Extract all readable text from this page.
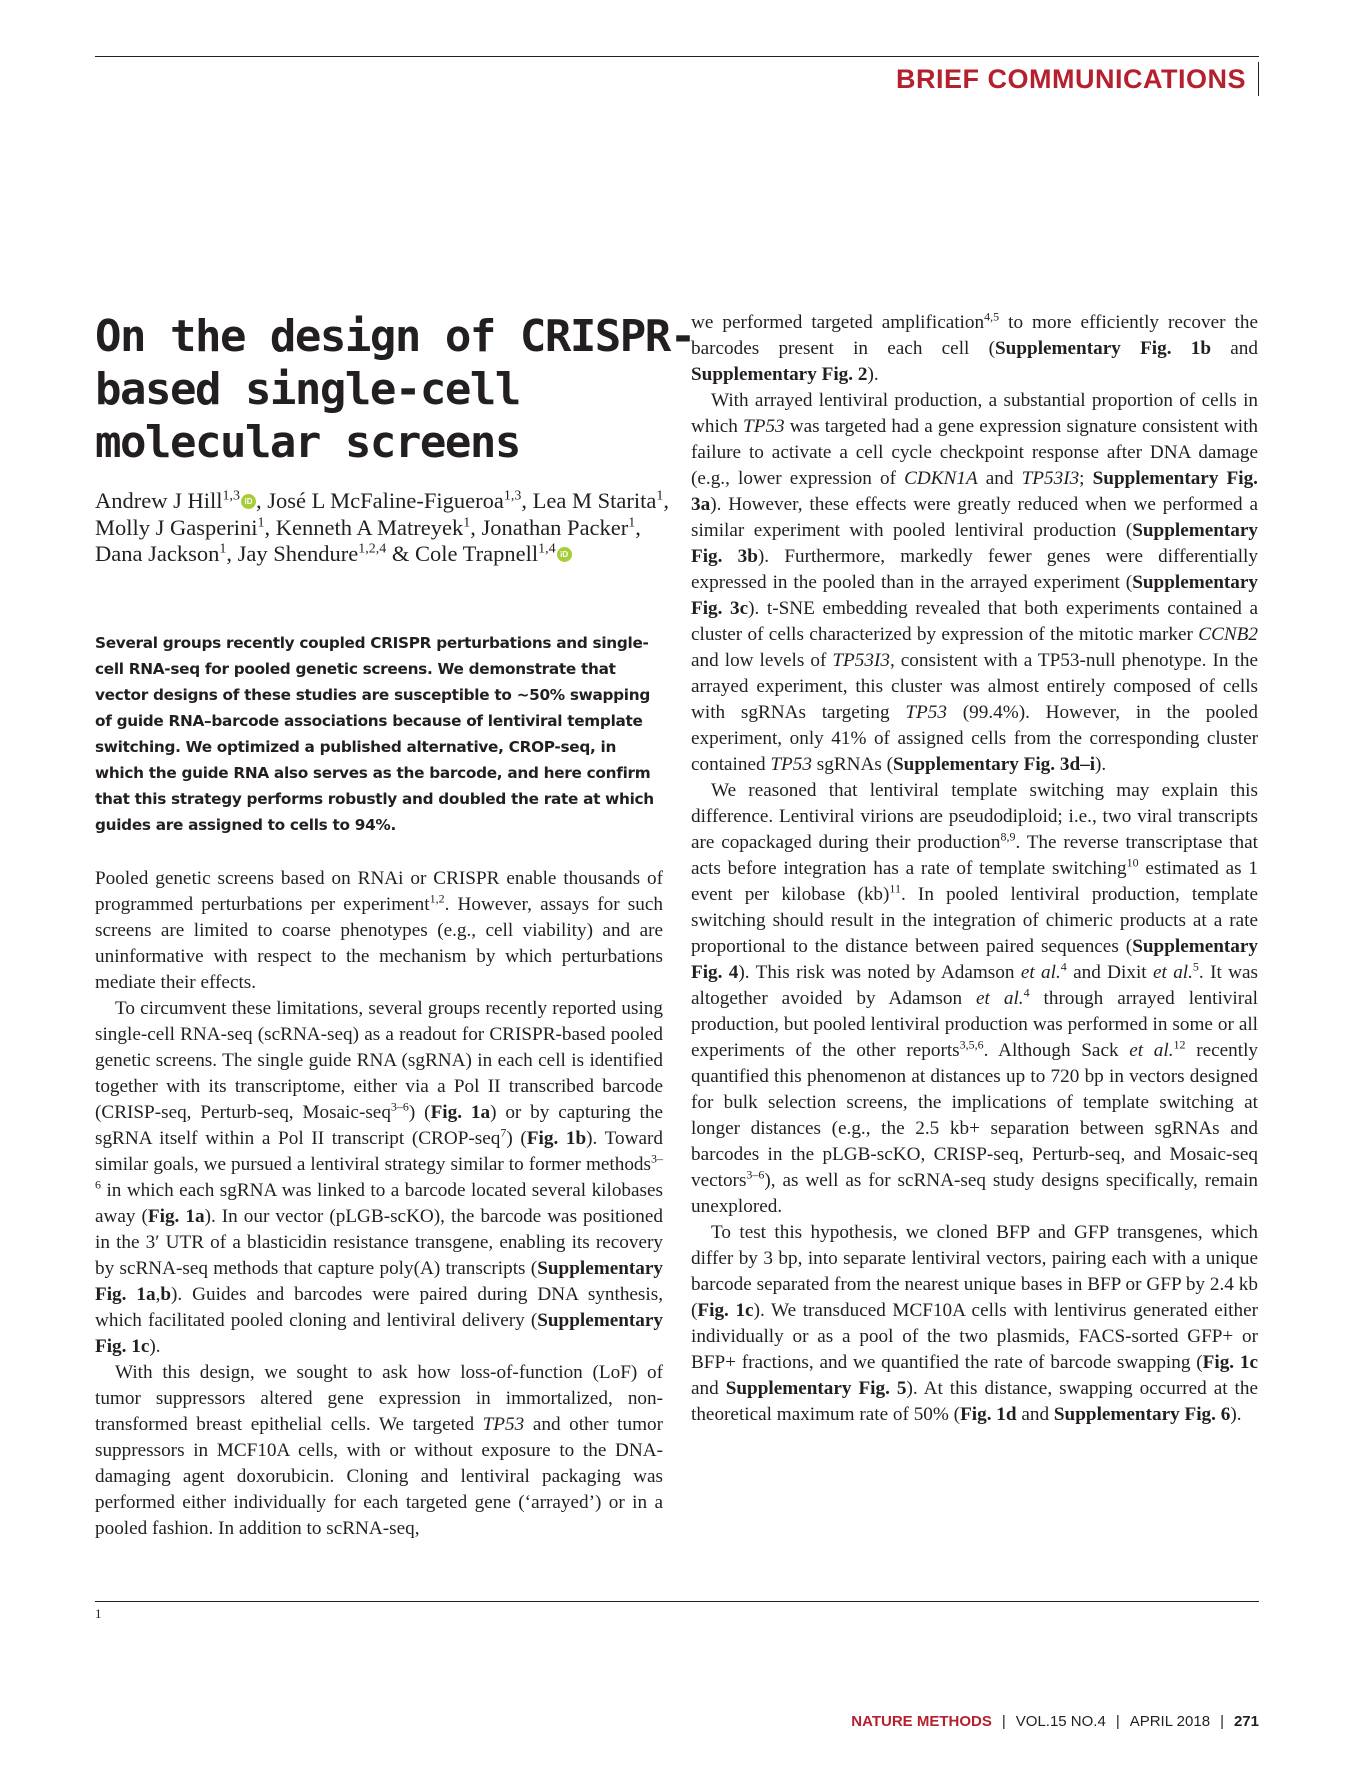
BRIEF COMMUNICATIONS
On the design of CRISPR-based single-cell molecular screens
Andrew J Hill$^{1,3}$ iD , José L McFaline-Figueroa$^{1,3}$, Lea M Starita$^1$, Molly J Gasperini$^1$, Kenneth A Matreyek$^1$, Jonathan Packer$^1$, Dana Jackson$^1$, Jay Shendure$^{1,2,4}$ & Cole Trapnell$^{1,4}$ iD

Several groups recently coupled CRISPR perturbations and single-cell RNA-seq for pooled genetic screens. We demonstrate that vector designs of these studies are susceptible to ~50% swapping of guide RNA–barcode associations because of lentiviral template switching. We optimized a published alternative, CROP-seq, in which the guide RNA also serves as the barcode, and here confirm that this strategy performs robustly and doubled the rate at which guides are assigned to cells to 94%.

Pooled genetic screens based on RNAi or CRISPR enable thousands of programmed perturbations per experiment$^{1,2}$. However, assays for such screens are limited to coarse phenotypes (e.g., cell viability) and are uninformative with respect to the mechanism by which perturbations mediate their effects.

To circumvent these limitations, several groups recently reported using single-cell RNA-seq (scRNA-seq) as a readout for CRISPR-based pooled genetic screens. The single guide RNA (sgRNA) in each cell is identified together with its transcriptome, either via a Pol II transcribed barcode (CRISP-seq, Perturb-seq, Mosaic-seq$^{3-6}$) (Fig. 1a) or by capturing the sgRNA itself within a Pol II transcript (CROP-seq$^7$) (Fig. 1b). Toward similar goals, we pursued a lentiviral strategy similar to former methods$^{3-6}$ in which each sgRNA was linked to a barcode located several kilobases away (Fig. 1a). In our vector (pLGB-scKO), the barcode was positioned in the 3′ UTR of a blasticidin resistance transgene, enabling its recovery by scRNA-seq methods that capture poly(A) transcripts (Supplementary Fig. 1a,b). Guides and barcodes were paired during DNA synthesis, which facilitated pooled cloning and lentiviral delivery (Supplementary Fig. 1c).

With this design, we sought to ask how loss-of-function (LoF) of tumor suppressors altered gene expression in immortalized, non-transformed breast epithelial cells. We targeted TP53 and other tumor suppressors in MCF10A cells, with or without exposure to the DNA-damaging agent doxorubicin. Cloning and lentiviral packaging was performed either individually for each targeted gene (‘arrayed’) or in a pooled fashion. In addition to scRNA-seq,

we performed targeted amplification$^{4,5}$ to more efficiently recover the barcodes present in each cell (Supplementary Fig. 1b and Supplementary Fig. 2).

With arrayed lentiviral production, a substantial proportion of cells in which TP53 was targeted had a gene expression signature consistent with failure to activate a cell cycle checkpoint response after DNA damage (e.g., lower expression of CDKN1A and TP53I3; Supplementary Fig. 3a). However, these effects were greatly reduced when we performed a similar experiment with pooled lentiviral production (Supplementary Fig. 3b). Furthermore, markedly fewer genes were differentially expressed in the pooled than in the arrayed experiment (Supplementary Fig. 3c). t-SNE embedding revealed that both experiments contained a cluster of cells characterized by expression of the mitotic marker CCNB2 and low levels of TP53I3, consistent with a TP53-null phenotype. In the arrayed experiment, this cluster was almost entirely composed of cells with sgRNAs targeting TP53 (99.4%). However, in the pooled experiment, only 41% of assigned cells from the corresponding cluster contained TP53 sgRNAs (Supplementary Fig. 3d–i).

We reasoned that lentiviral template switching may explain this difference. Lentiviral virions are pseudodiploid; i.e., two viral transcripts are copackaged during their production$^{8,9}$. The reverse transcriptase that acts before integration has a rate of template switching$^{10}$ estimated as 1 event per kilobase (kb)$^{11}$. In pooled lentiviral production, template switching should result in the integration of chimeric products at a rate proportional to the distance between paired sequences (Supplementary Fig. 4). This risk was noted by Adamson et al.$^4$ and Dixit et al.$^5$. It was altogether avoided by Adamson et al.$^4$ through arrayed lentiviral production, but pooled lentiviral production was performed in some or all experiments of the other reports$^{3,5,6}$. Although Sack et al.$^{12}$ recently quantified this phenomenon at distances up to 720 bp in vectors designed for bulk selection screens, the implications of template switching at longer distances (e.g., the 2.5 kb+ separation between sgRNAs and barcodes in the pLGB-scKO, CRISP-seq, Perturb-seq, and Mosaic-seq vectors$^{3-6}$), as well as for scRNA-seq study designs specifically, remain unexplored.

To test this hypothesis, we cloned BFP and GFP transgenes, which differ by 3 bp, into separate lentiviral vectors, pairing each with a unique barcode separated from the nearest unique bases in BFP or GFP by 2.4 kb (Fig. 1c). We transduced MCF10A cells with lentivirus generated either individually or as a pool of the two plasmids, FACS-sorted GFP+ or BFP+ fractions, and we quantified the rate of barcode swapping (Fig. 1c and Supplementary Fig. 5). At this distance, swapping occurred at the theoretical maximum rate of 50% (Fig. 1d and Supplementary Fig. 6).

1
NATURE METHODS | VOL.15 NO.4 | APRIL 2018 | 271
